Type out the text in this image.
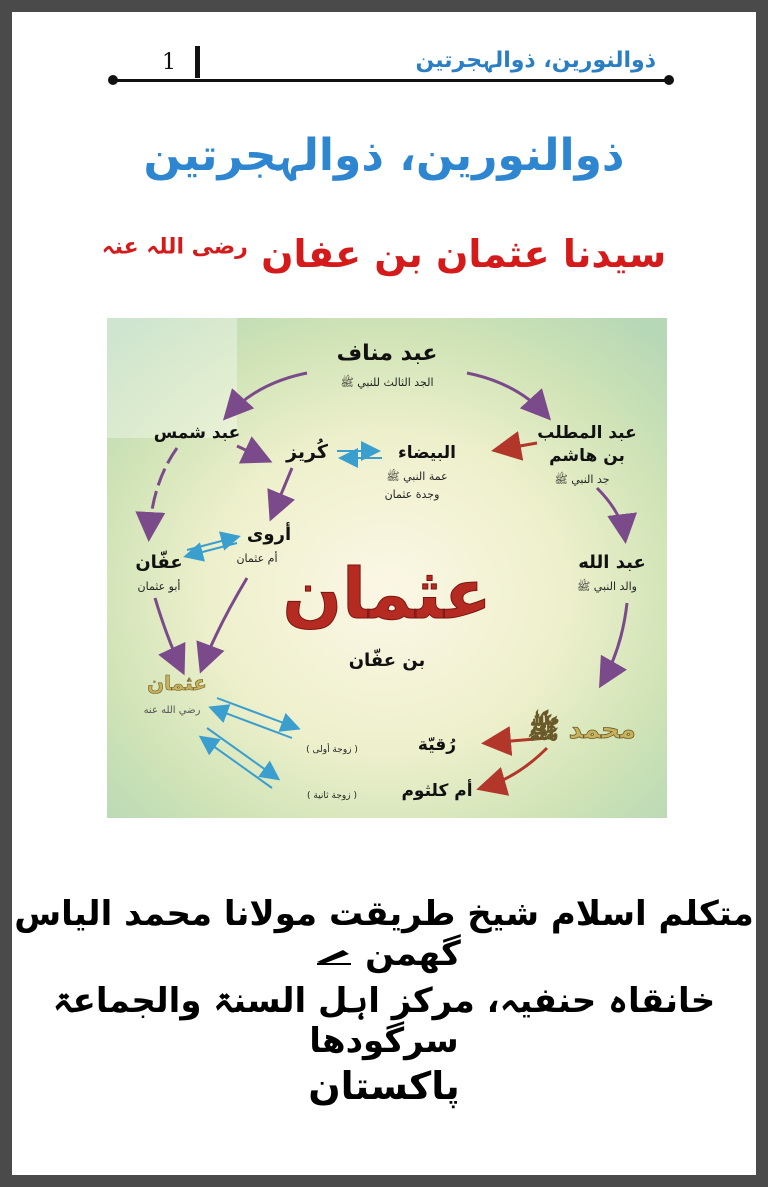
1	ذوالنورین، ذوالہجرتین
ذوالنورین، ذوالہجرتین
سیدنا عثمان بن عفان $^{رضی اللہ عنہ}$
عبد مناف
الجد الثالث للنبي ﷺ
عبد شمس
كُريز	البيضاء
عمة النبي ﷺ
وجدة عثمان
عبد المطلب
بن هاشم
جد النبي ﷺ
أروى
أم عثمان
عفّان
أبو عثمان
عبد الله
والد النبي ﷺ
عثمان
بن عفّان
محمد ﷺ
عثمان
رضي الله عنه
رُقيّة
( زوجة أولى )
أم كلثوم
( زوجة ثانية )
متکلم اسلام شیخ طریقت مولانا محمد الیاس گھمن
خانقاہ حنفیہ، مرکز اہل السنۃ والجماعۃ سرگودھا
پاکستان
